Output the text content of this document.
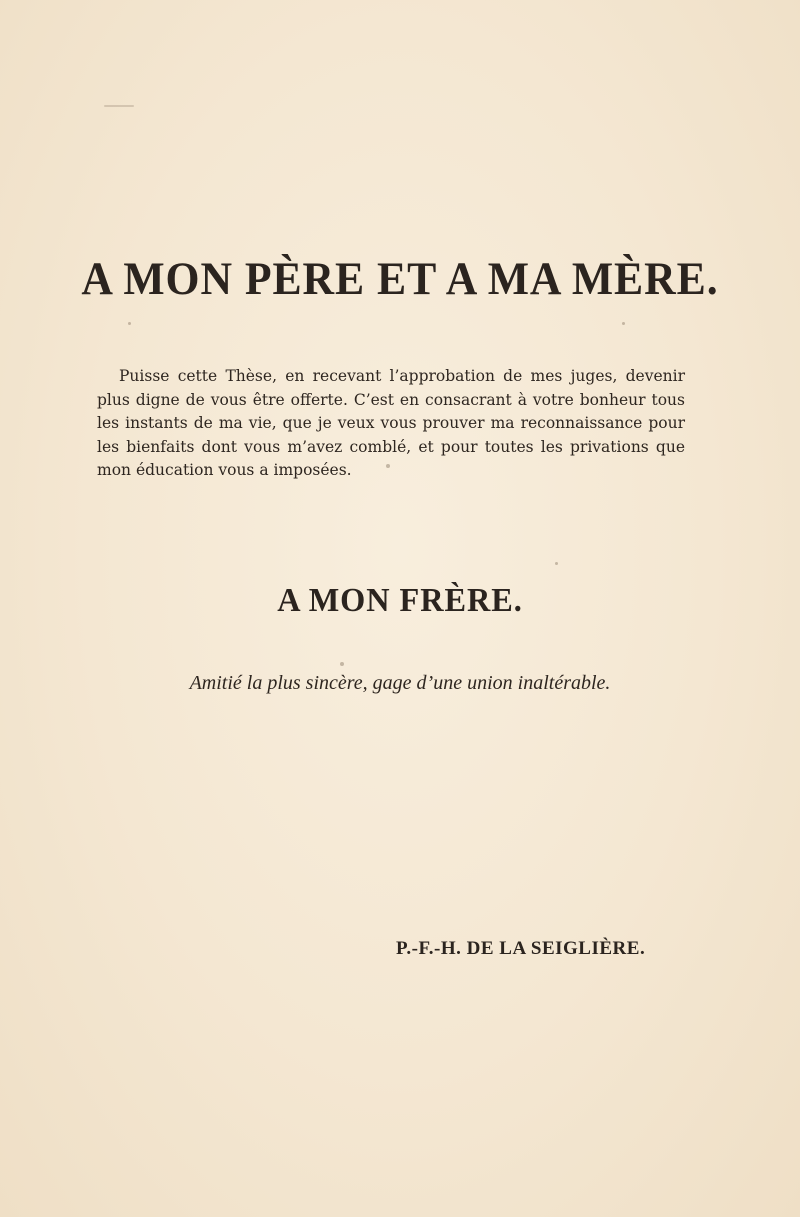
A MON PÈRE ET A MA MÈRE.
Puisse cette Thèse, en recevant l’approbation de mes juges, devenir plus digne de vous être offerte. C’est en consacrant à votre bonheur tous les instants de ma vie, que je veux vous prouver ma reconnaissance pour les bienfaits dont vous m’avez comblé, et pour toutes les privations que mon éducation vous a imposées.
A MON FRÈRE.
Amitié la plus sincère, gage d’une union inaltérable.
P.-F.-H. DE LA SEIGLIÈRE.
